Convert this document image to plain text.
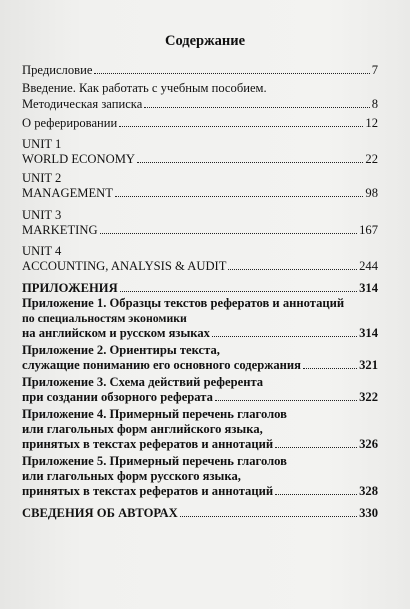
Содержание
Предисловие	7
Введение. Как работать с учебным пособием.
Методическая записка	8
О реферировании	12
UNIT 1
WORLD ECONOMY	22
UNIT 2
MANAGEMENT	98
UNIT 3
MARKETING	167
UNIT 4
ACCOUNTING, ANALYSIS & AUDIT	244
ПРИЛОЖЕНИЯ	314
Приложение 1. Образцы текстов рефератов и аннотаций
по специальностям экономики
на английском и русском языках	314
Приложение 2. Ориентиры текста,
служащие пониманию его основного содержания	321
Приложение 3. Схема действий референта
при создании обзорного реферата	322
Приложение 4. Примерный перечень глаголов
или глагольных форм английского языка,
принятых в текстах рефератов и аннотаций	326
Приложение 5. Примерный перечень глаголов
или глагольных форм русского языка,
принятых в текстах рефератов и аннотаций	328
СВЕДЕНИЯ ОБ АВТОРАХ	330
